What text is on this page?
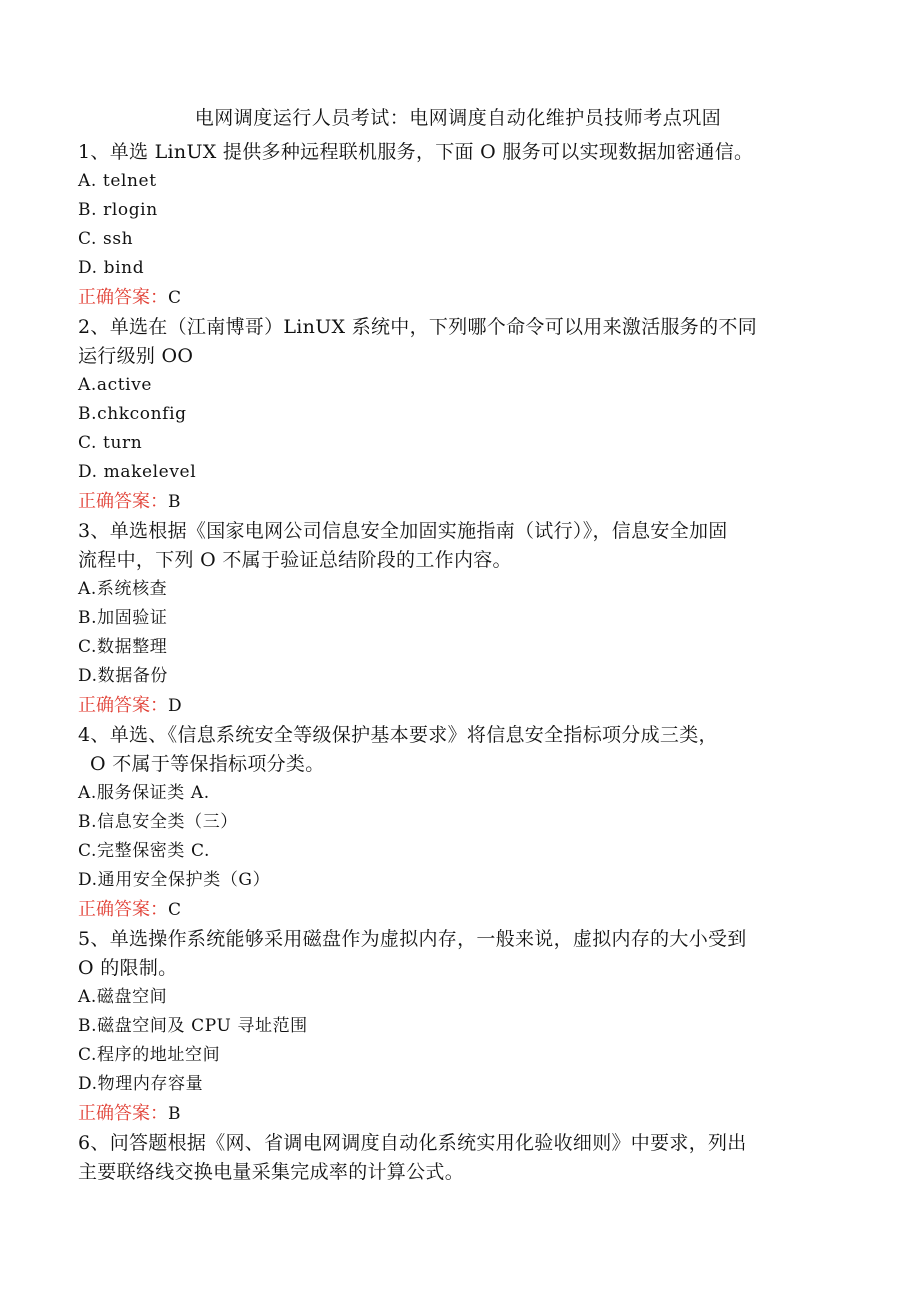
电网调度运行人员考试：电网调度自动化维护员技师考点巩固
1、单选 LinUX 提供多种远程联机服务，下面 O 服务可以实现数据加密通信。
A. telnet
B. rlogin
C. ssh
D. bind
正确答案：C
2、单选在（江南博哥）LinUX 系统中，下列哪个命令可以用来激活服务的不同
运行级别 OO
A.active
B.chkconfig
C. turn
D. makelevel
正确答案：B
3、单选根据《国家电网公司信息安全加固实施指南（试行）》，信息安全加固
流程中，下列 O 不属于验证总结阶段的工作内容。
A.系统核查
B.加固验证
C.数据整理
D.数据备份
正确答案：D
4、单选、《信息系统安全等级保护基本要求》将信息安全指标项分成三类，
O 不属于等保指标项分类。
A.服务保证类 A.
B.信息安全类（三）
C.完整保密类 C.
D.通用安全保护类（G）
正确答案：C
5、单选操作系统能够采用磁盘作为虚拟内存，一般来说，虚拟内存的大小受到
O 的限制。
A.磁盘空间
B.磁盘空间及 CPU 寻址范围
C.程序的地址空间
D.物理内存容量
正确答案：B
6、问答题根据《网、省调电网调度自动化系统实用化验收细则》中要求，列出
主要联络线交换电量采集完成率的计算公式。
